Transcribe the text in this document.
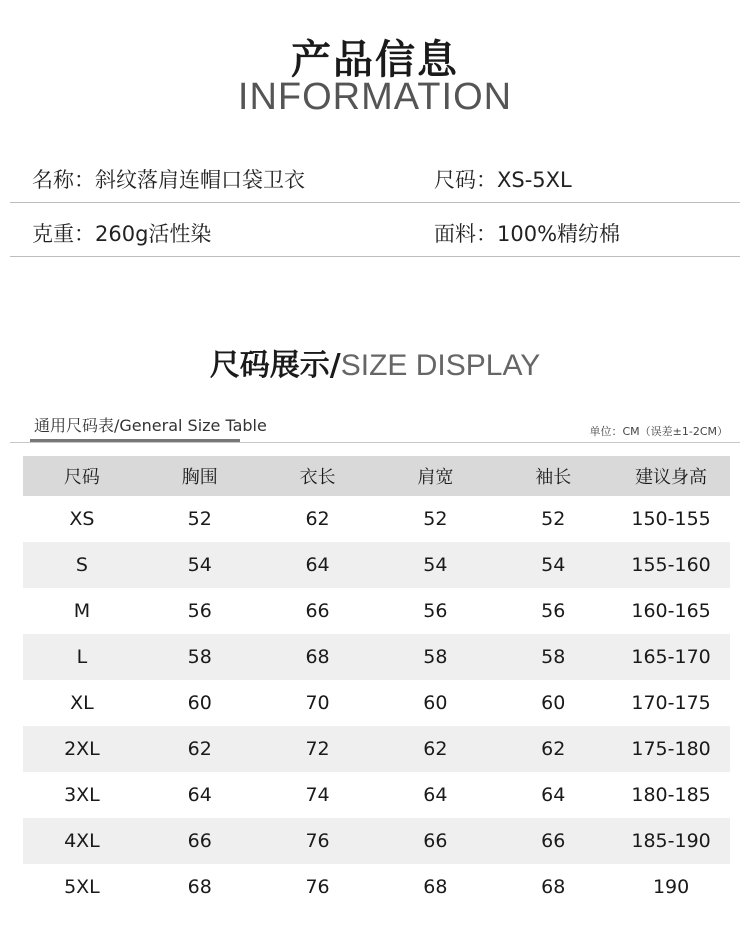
产品信息
INFORMATION
名称：斜纹落肩连帽口袋卫衣	尺码：XS-5XL
克重：260g活性染	面料：100%精纺棉
尺码展示/SIZE DISPLAY
通用尺码表/General Size Table	单位：CM（误差±1-2CM）
尺码	胸围	衣长	肩宽	袖长	建议身高
XS	52	62	52	52	150-155
S	54	64	54	54	155-160
M	56	66	56	56	160-165
L	58	68	58	58	165-170
XL	60	70	60	60	170-175
2XL	62	72	62	62	175-180
3XL	64	74	64	64	180-185
4XL	66	76	66	66	185-190
5XL	68	76	68	68	190
